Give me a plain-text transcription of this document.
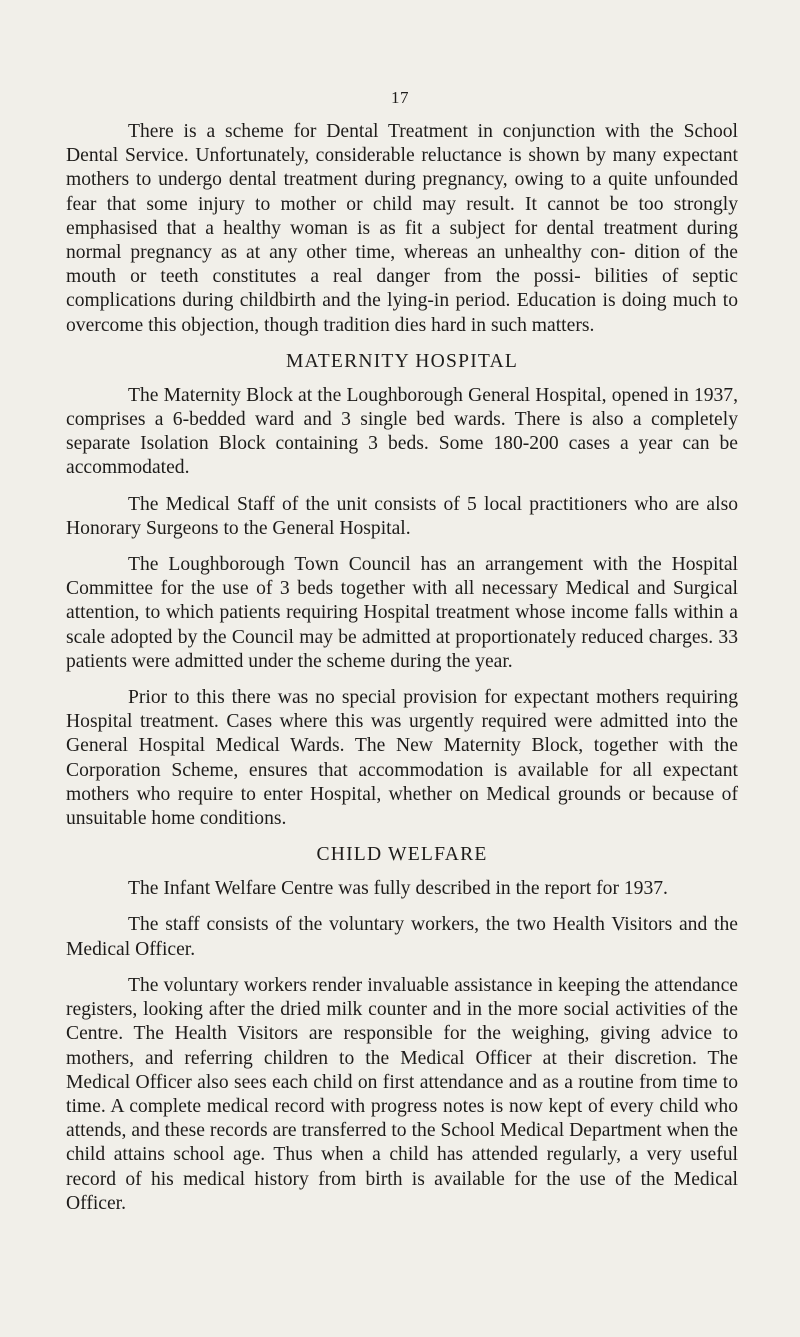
17

There is a scheme for Dental Treatment in conjunction with the School Dental Service. Unfortunately, considerable reluctance is shown by many expectant mothers to undergo dental treatment during pregnancy, owing to a quite unfounded fear that some injury to mother or child may result. It cannot be too strongly emphasised that a healthy woman is as fit a subject for dental treatment during normal pregnancy as at any other time, whereas an unhealthy con- dition of the mouth or teeth constitutes a real danger from the possi- bilities of septic complications during childbirth and the lying-in period. Education is doing much to overcome this objection, though tradition dies hard in such matters.

MATERNITY HOSPITAL

The Maternity Block at the Loughborough General Hospital, opened in 1937, comprises a 6-bedded ward and 3 single bed wards. There is also a completely separate Isolation Block containing 3 beds. Some 180-200 cases a year can be accommodated.

The Medical Staff of the unit consists of 5 local practitioners who are also Honorary Surgeons to the General Hospital.

The Loughborough Town Council has an arrangement with the Hospital Committee for the use of 3 beds together with all necessary Medical and Surgical attention, to which patients requiring Hospital treatment whose income falls within a scale adopted by the Council may be admitted at proportionately reduced charges. 33 patients were admitted under the scheme during the year.

Prior to this there was no special provision for expectant mothers requiring Hospital treatment. Cases where this was urgently required were admitted into the General Hospital Medical Wards. The New Maternity Block, together with the Corporation Scheme, ensures that accommodation is available for all expectant mothers who require to enter Hospital, whether on Medical grounds or because of unsuitable home conditions.

CHILD WELFARE

The Infant Welfare Centre was fully described in the report for 1937.

The staff consists of the voluntary workers, the two Health Visitors and the Medical Officer.

The voluntary workers render invaluable assistance in keeping the attendance registers, looking after the dried milk counter and in the more social activities of the Centre. The Health Visitors are responsible for the weighing, giving advice to mothers, and referring children to the Medical Officer at their discretion. The Medical Officer also sees each child on first attendance and as a routine from time to time. A complete medical record with progress notes is now kept of every child who attends, and these records are transferred to the School Medical Department when the child attains school age. Thus when a child has attended regularly, a very useful record of his medical history from birth is available for the use of the Medical Officer.
